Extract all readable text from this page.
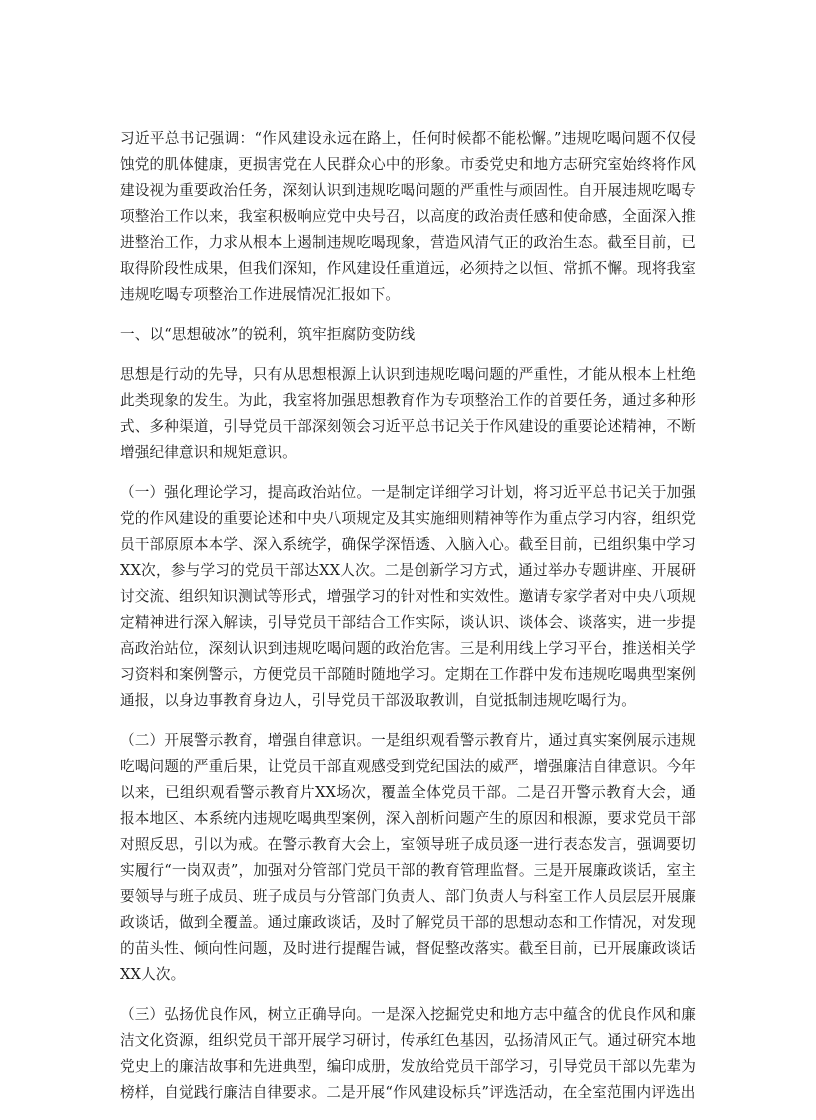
习近平总书记强调：“作风建设永远在路上，任何时候都不能松懈。”违规吃喝问题不仅侵蚀党的肌体健康，更损害党在人民群众心中的形象。市委党史和地方志研究室始终将作风建设视为重要政治任务，深刻认识到违规吃喝问题的严重性与顽固性。自开展违规吃喝专项整治工作以来，我室积极响应党中央号召，以高度的政治责任感和使命感，全面深入推进整治工作，力求从根本上遏制违规吃喝现象，营造风清气正的政治生态。截至目前，已取得阶段性成果，但我们深知，作风建设任重道远，必须持之以恒、常抓不懈。现将我室违规吃喝专项整治工作进展情况汇报如下。

一、以“思想破冰”的锐利，筑牢拒腐防变防线

思想是行动的先导，只有从思想根源上认识到违规吃喝问题的严重性，才能从根本上杜绝此类现象的发生。为此，我室将加强思想教育作为专项整治工作的首要任务，通过多种形式、多种渠道，引导党员干部深刻领会习近平总书记关于作风建设的重要论述精神，不断增强纪律意识和规矩意识。

（一）强化理论学习，提高政治站位。一是制定详细学习计划，将习近平总书记关于加强党的作风建设的重要论述和中央八项规定及其实施细则精神等作为重点学习内容，组织党员干部原原本本学、深入系统学，确保学深悟透、入脑入心。截至目前，已组织集中学习XX次，参与学习的党员干部达XX人次。二是创新学习方式，通过举办专题讲座、开展研讨交流、组织知识测试等形式，增强学习的针对性和实效性。邀请专家学者对中央八项规定精神进行深入解读，引导党员干部结合工作实际，谈认识、谈体会、谈落实，进一步提高政治站位，深刻认识到违规吃喝问题的政治危害。三是利用线上学习平台，推送相关学习资料和案例警示，方便党员干部随时随地学习。定期在工作群中发布违规吃喝典型案例通报，以身边事教育身边人，引导党员干部汲取教训，自觉抵制违规吃喝行为。

（二）开展警示教育，增强自律意识。一是组织观看警示教育片，通过真实案例展示违规吃喝问题的严重后果，让党员干部直观感受到党纪国法的威严，增强廉洁自律意识。今年以来，已组织观看警示教育片XX场次，覆盖全体党员干部。二是召开警示教育大会，通报本地区、本系统内违规吃喝典型案例，深入剖析问题产生的原因和根源，要求党员干部对照反思，引以为戒。在警示教育大会上，室领导班子成员逐一进行表态发言，强调要切实履行“一岗双责”，加强对分管部门党员干部的教育管理监督。三是开展廉政谈话，室主要领导与班子成员、班子成员与分管部门负责人、部门负责人与科室工作人员层层开展廉政谈话，做到全覆盖。通过廉政谈话，及时了解党员干部的思想动态和工作情况，对发现的苗头性、倾向性问题，及时进行提醒告诫，督促整改落实。截至目前，已开展廉政谈话XX人次。

（三）弘扬优良作风，树立正确导向。一是深入挖掘党史和地方志中蕴含的优良作风和廉洁文化资源，组织党员干部开展学习研讨，传承红色基因，弘扬清风正气。通过研究本地党史上的廉洁故事和先进典型，编印成册，发放给党员干部学习，引导党员干部以先辈为榜样，自觉践行廉洁自律要求。二是开展“作风建设标兵”评选活动，在全室范围内评选出
